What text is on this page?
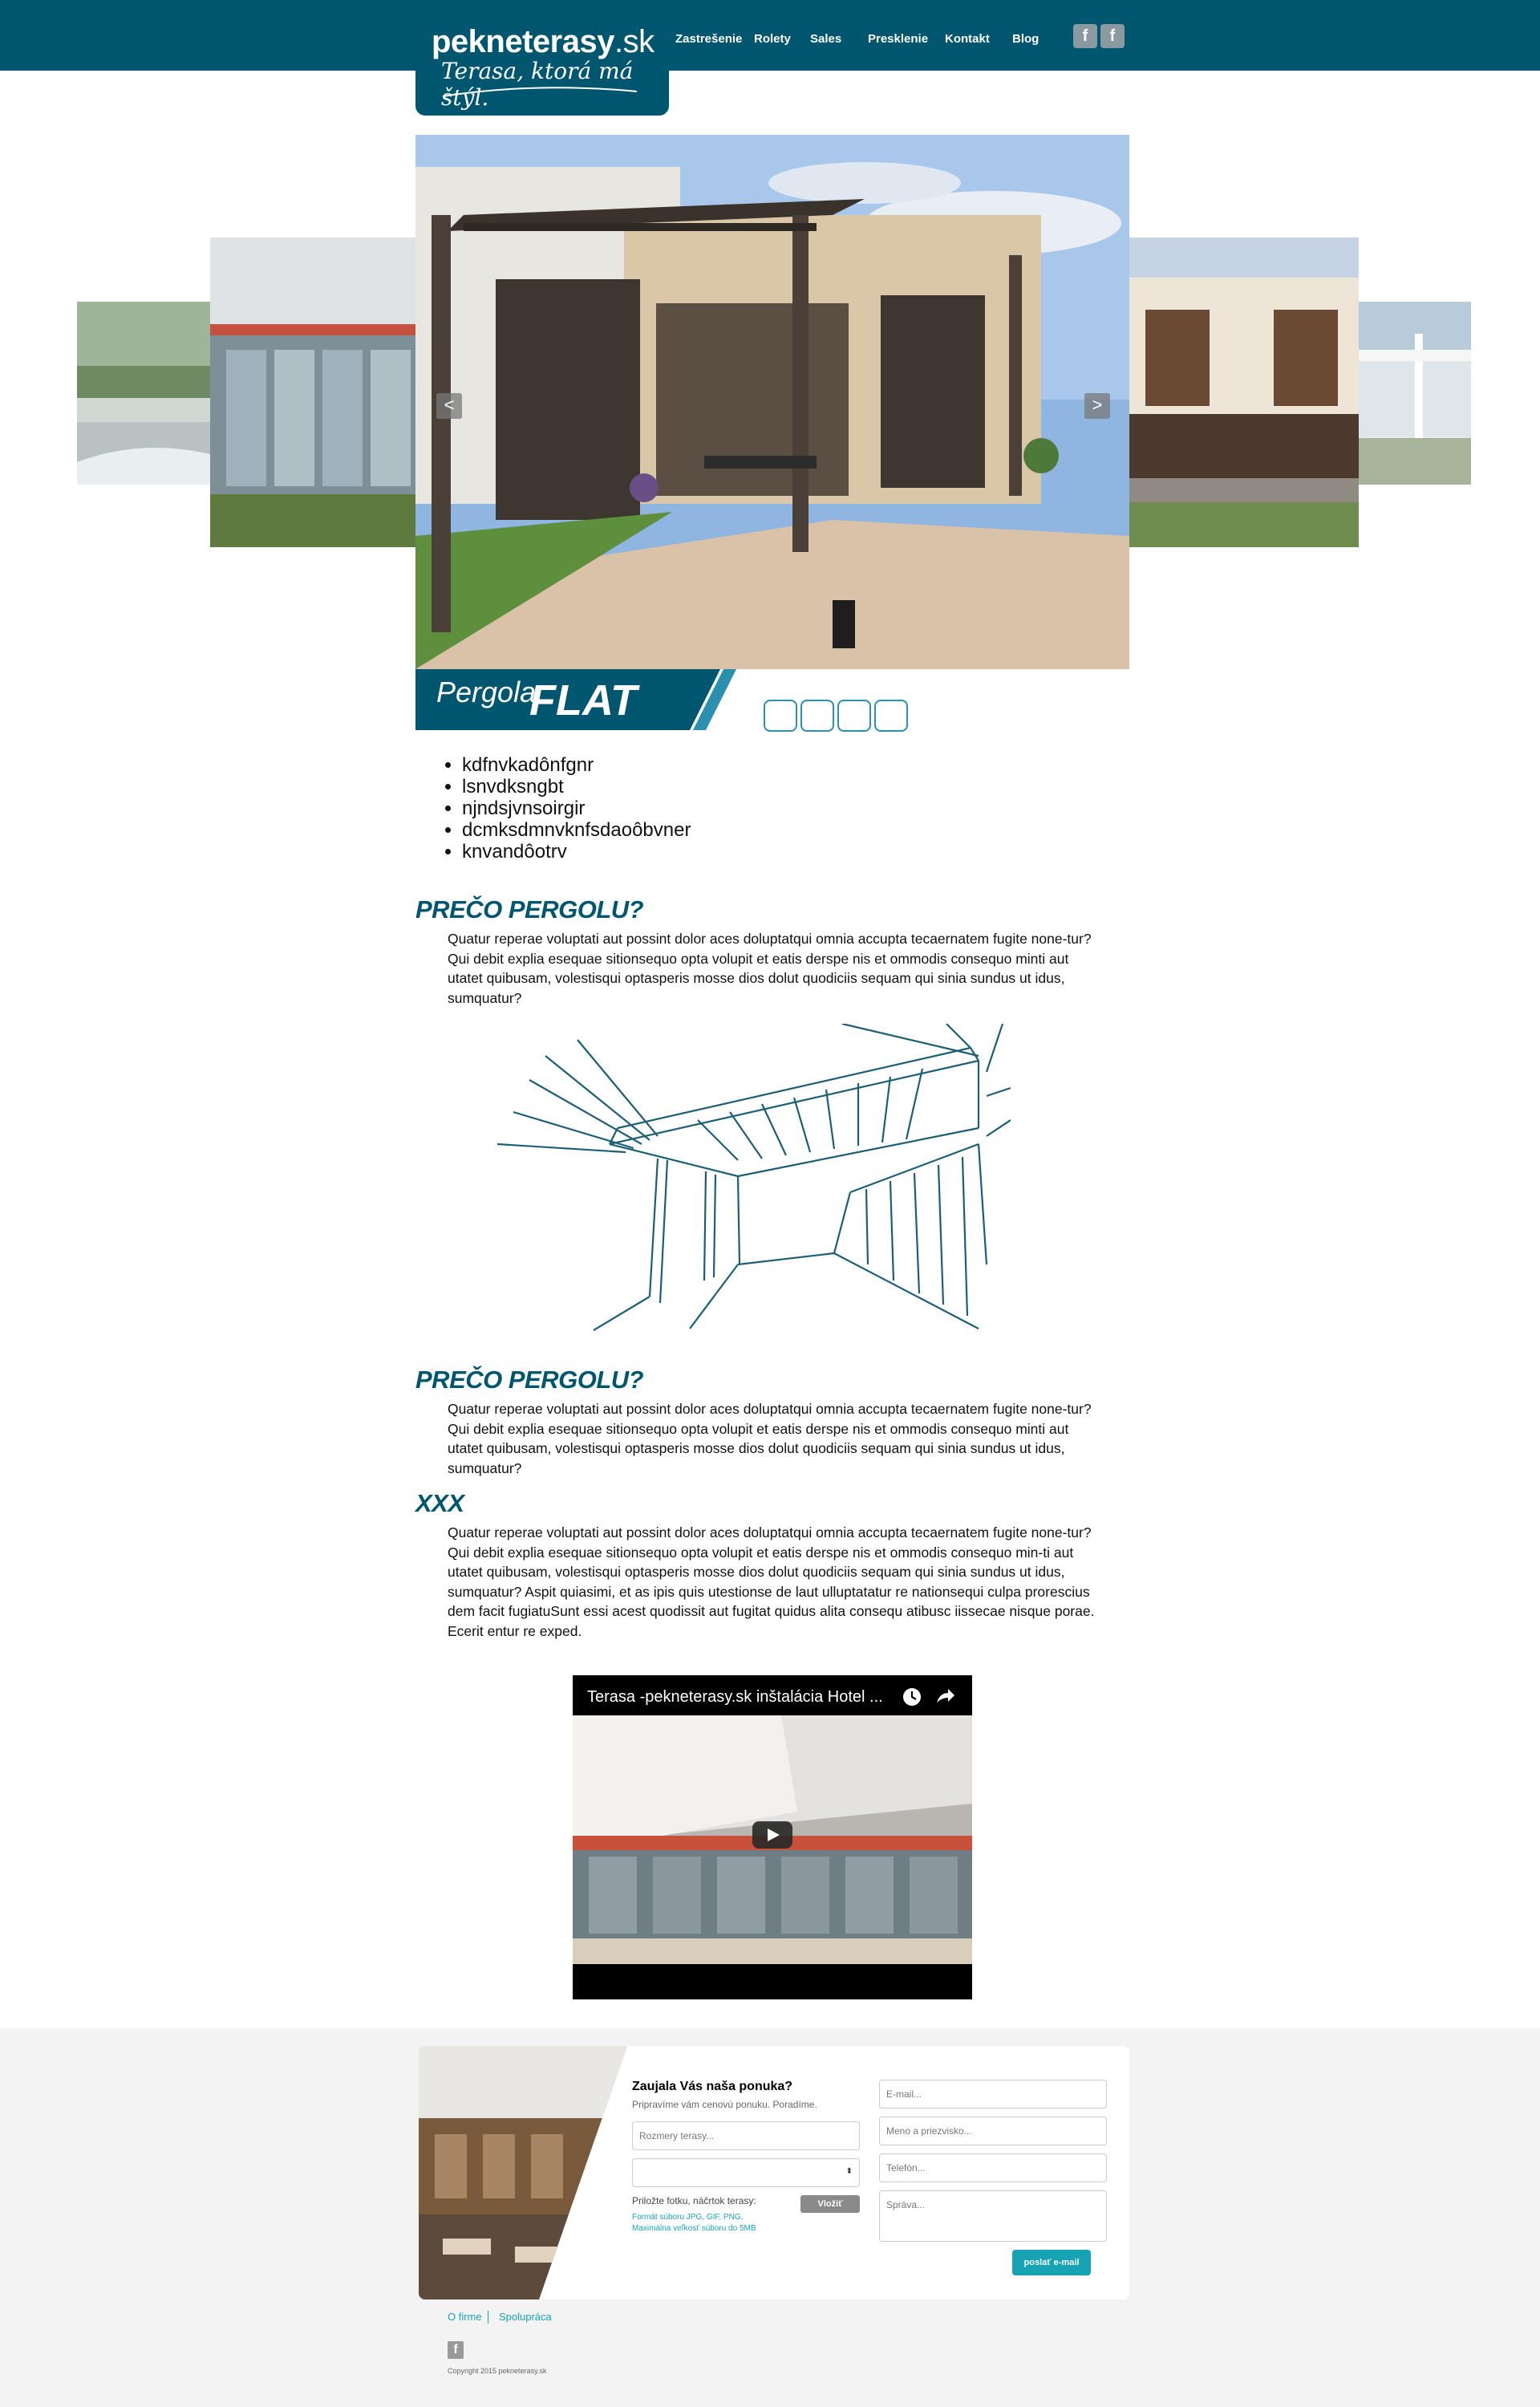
pekneterasy.sk
Terasa, ktorá má štýl.
Zastrešenie Rolety Sales Presklenie Kontakt Blog	f	f
<	>
Pergola
FLAT
• kdfnvkadônfgnr
• lsnvdksngbt
• njndsjvnsoirgir
• dcmksdmnvknfsdaoôbvner
• knvandôotrv
PREČO PERGOLU?
Quatur reperae voluptati aut possint dolor aces doluptatqui omnia accupta tecaernatem fugite none-tur? Qui debit explia esequae sitionsequo opta volupit et eatis derspe nis et ommodis consequo minti aut utatet quibusam, volestisqui optasperis mosse dios dolut quodiciis sequam qui sinia sundus ut idus, sumquatur?
PREČO PERGOLU?
Quatur reperae voluptati aut possint dolor aces doluptatqui omnia accupta tecaernatem fugite none-tur? Qui debit explia esequae sitionsequo opta volupit et eatis derspe nis et ommodis consequo minti aut utatet quibusam, volestisqui optasperis mosse dios dolut quodiciis sequam qui sinia sundus ut idus, sumquatur?
XXX
Quatur reperae voluptati aut possint dolor aces doluptatqui omnia accupta tecaernatem fugite none-tur? Qui debit explia esequae sitionsequo opta volupit et eatis derspe nis et ommodis consequo min-ti aut utatet quibusam, volestisqui optasperis mosse dios dolut quodiciis sequam qui sinia sundus ut idus, sumquatur? Aspit quiasimi, et as ipis quis utestionse de laut ulluptatatur re nationsequi culpa prorescius dem facit fugiatuSunt essi acest quodissit aut fugitat quidus alita consequ atibusc iissecae nisque porae. Ecerit entur re exped.
Terasa -pekneterasy.sk inštalácia Hotel ...
Zaujala Vás naša ponuka?
Pripravíme vám cenovú ponuku. Poradíme.
Rozmery terasy...
⬍
Priložte fotku, náčrtok terasy:	Vložiť
Formát súboru JPG, GIF, PNG,
Maximálna veľkosť súboru do 5MB
E-mail...
Meno a priezvisko...
Telefón...
Správa...
poslať e-mail
O firme Spolupráca
f
Copyright 2015 pekneterasy.sk
